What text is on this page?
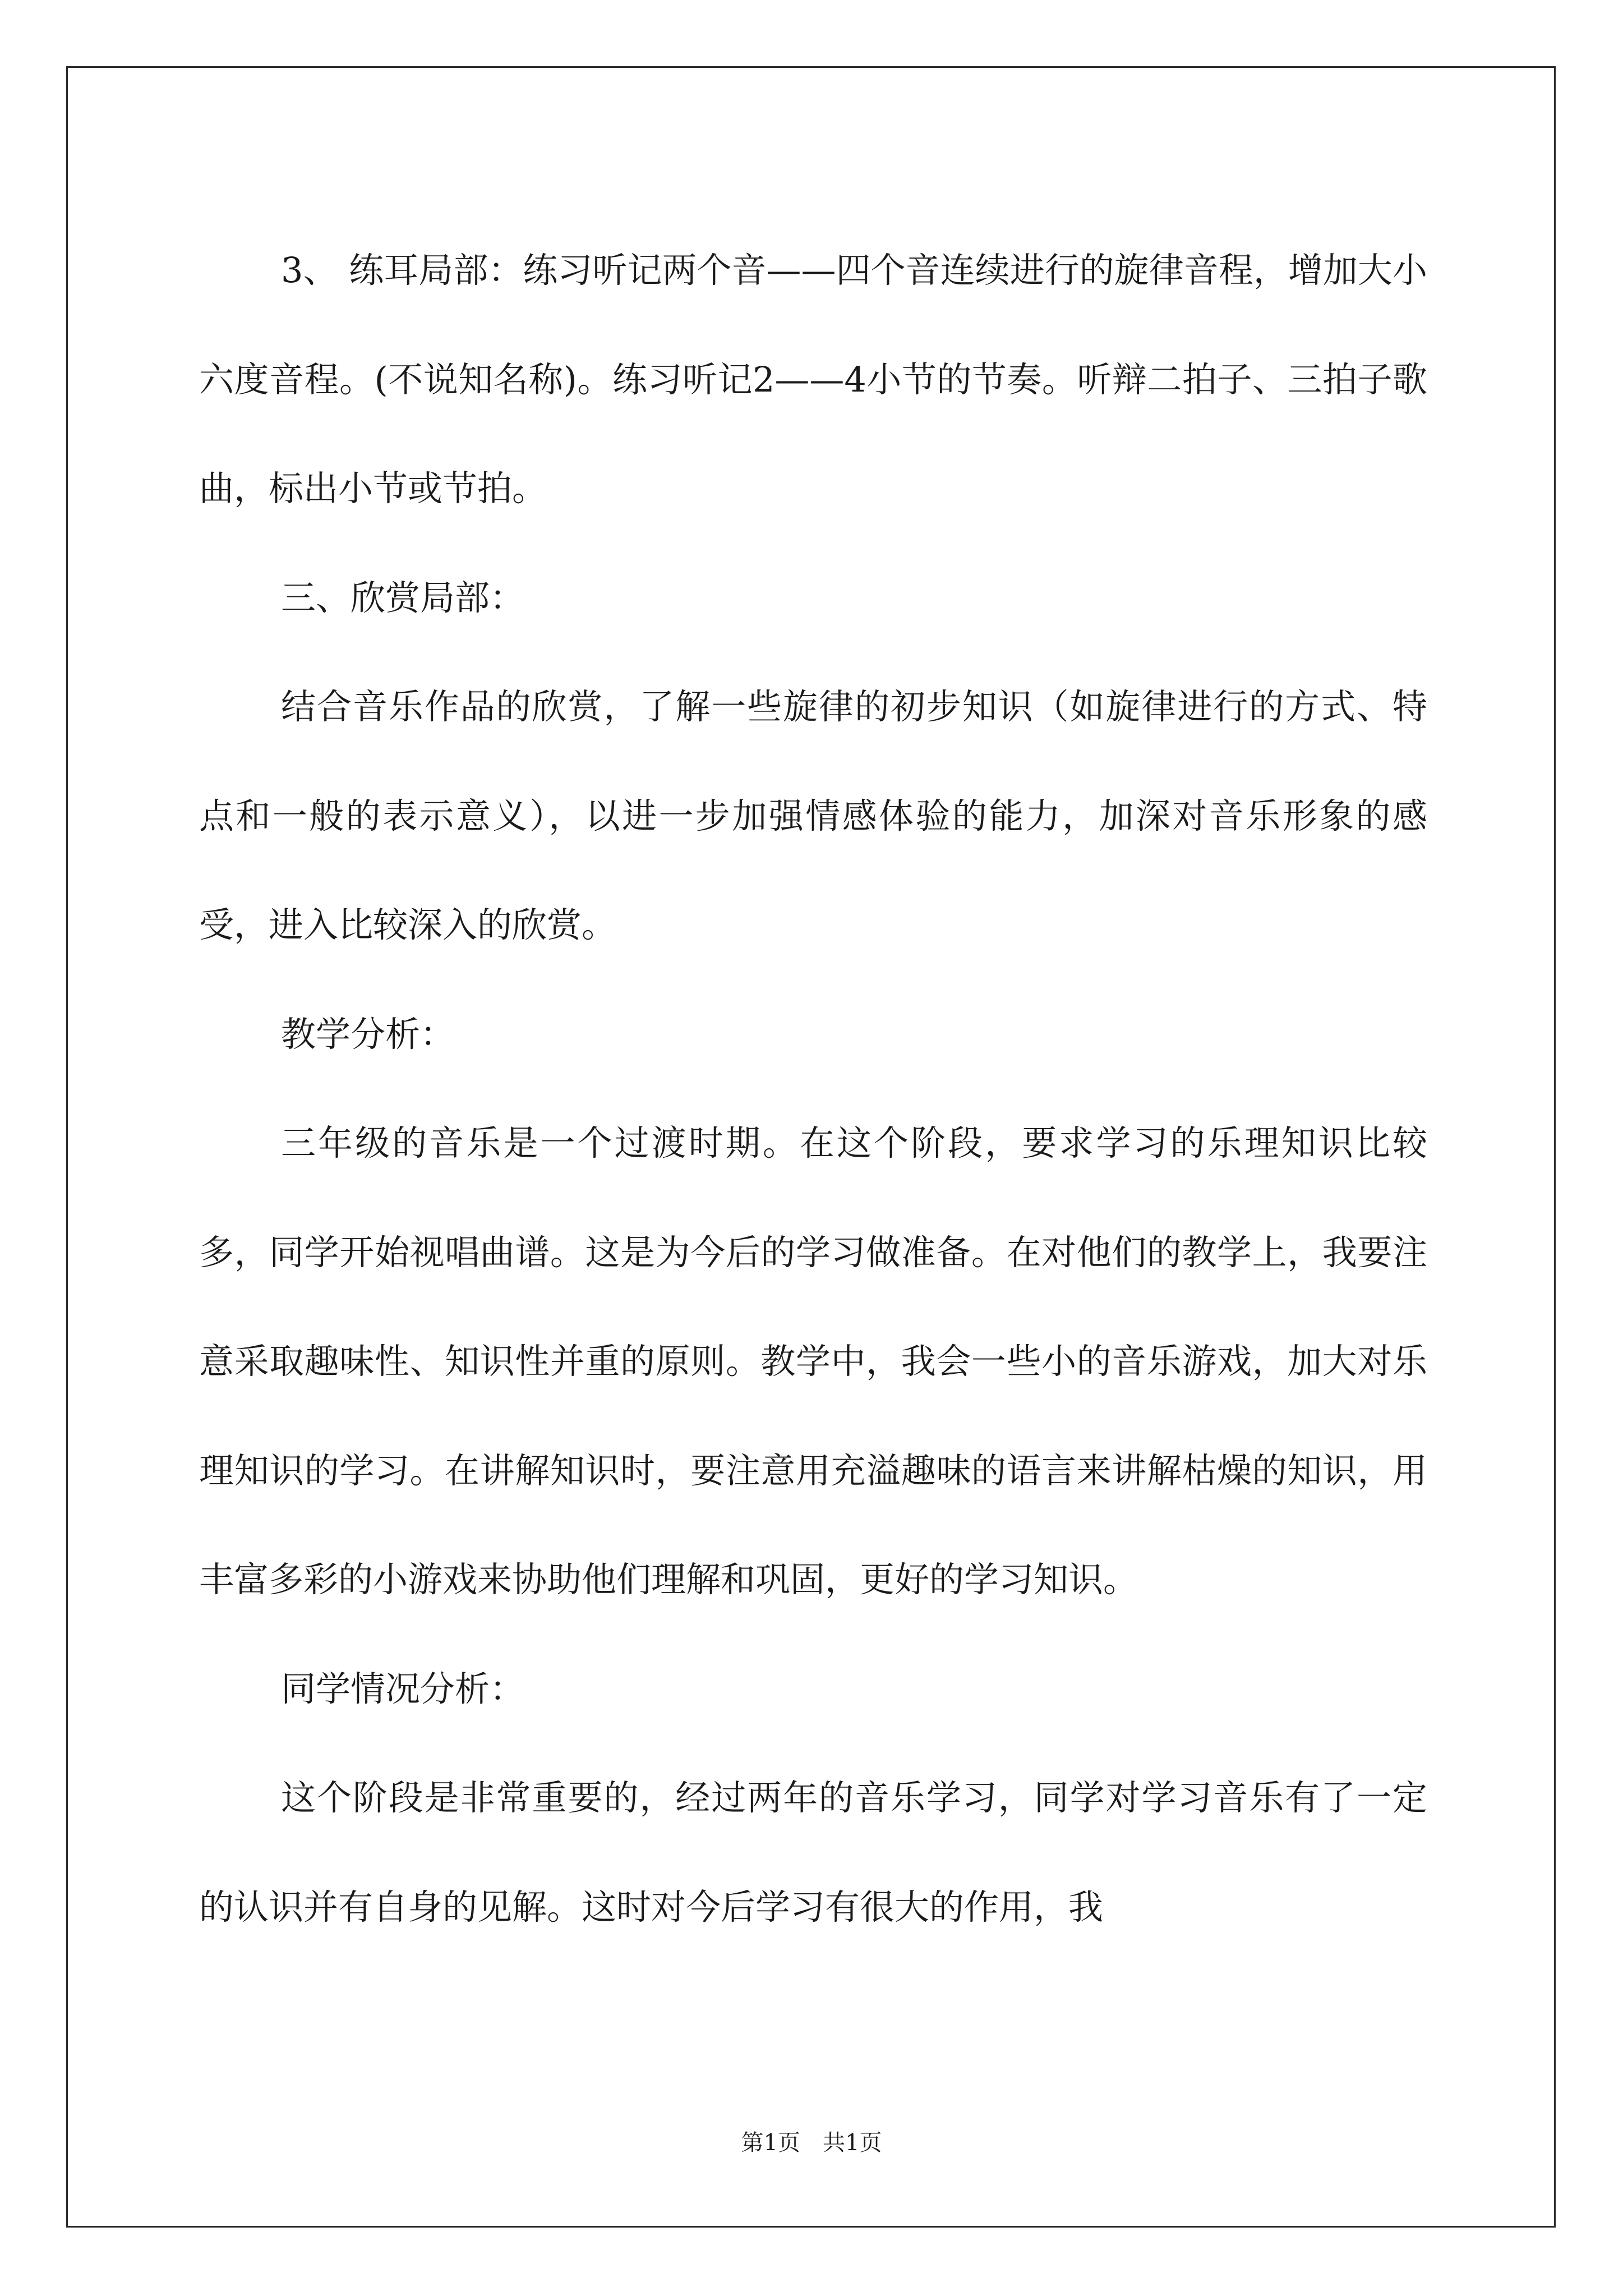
3、 练耳局部：练习听记两个音——四个音连续进行的旋律音程，增加大小六度音程。(不说知名称)。练习听记2——4小节的节奏。听辩二拍子、三拍子歌曲，标出小节或节拍。

三、欣赏局部：

结合音乐作品的欣赏，了解一些旋律的初步知识（如旋律进行的方式、特点和一般的表示意义），以进一步加强情感体验的能力，加深对音乐形象的感受，进入比较深入的欣赏。

教学分析：

三年级的音乐是一个过渡时期。在这个阶段，要求学习的乐理知识比较多，同学开始视唱曲谱。这是为今后的学习做准备。在对他们的教学上，我要注意采取趣味性、知识性并重的原则。教学中，我会一些小的音乐游戏，加大对乐理知识的学习。在讲解知识时，要注意用充溢趣味的语言来讲解枯燥的知识，用丰富多彩的小游戏来协助他们理解和巩固，更好的学习知识。

同学情况分析：

这个阶段是非常重要的，经过两年的音乐学习，同学对学习音乐有了一定的认识并有自身的见解。这时对今后学习有很大的作用，我

第1页 共1页
